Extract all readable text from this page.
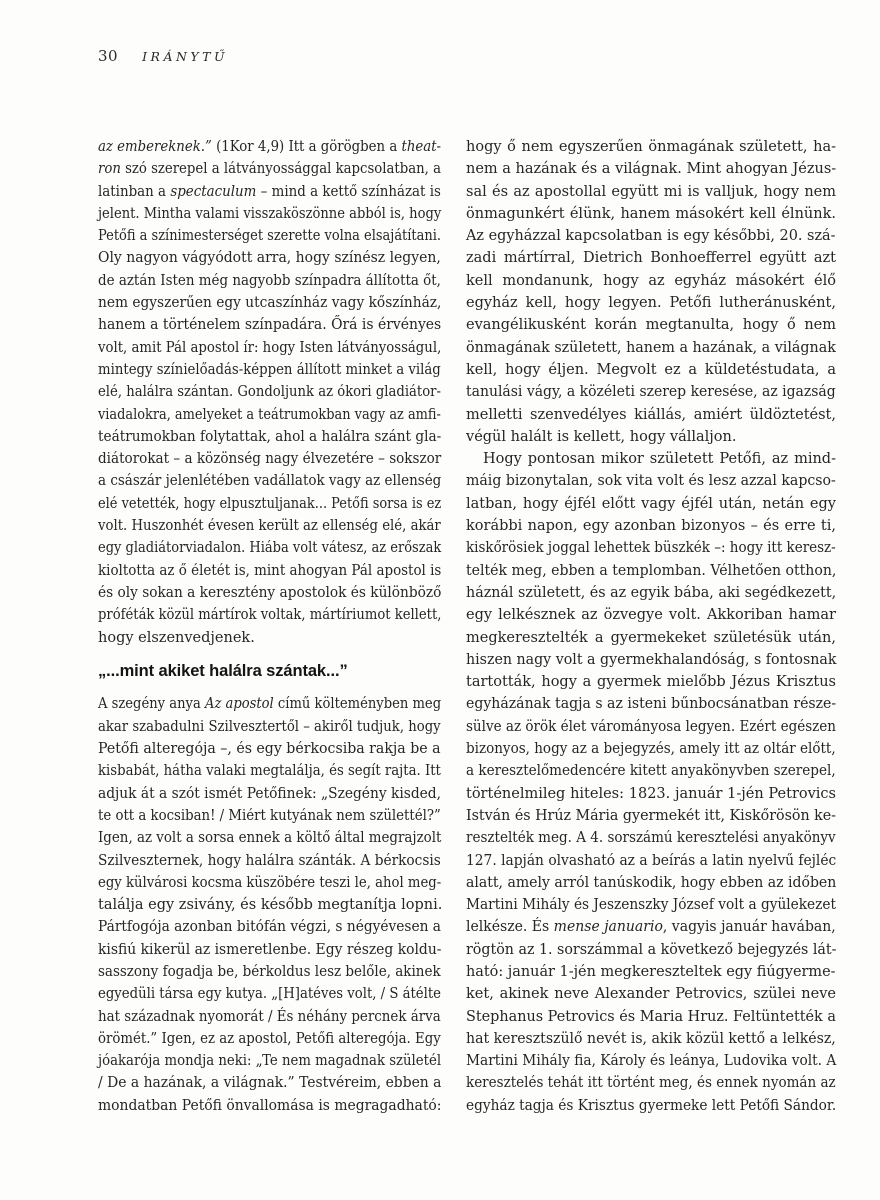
30 IRÁNYTŰ
az embereknek.” (1Kor 4,9) Itt a görögben a theat-
ron szó szerepel a látványossággal kapcsolatban, a
latinban a spectaculum – mind a kettő színházat is
jelent. Mintha valami visszaköszönne abból is, hogy
Petőfi a színimesterséget szerette volna elsajátítani.
Oly nagyon vágyódott arra, hogy színész legyen,
de aztán Isten még nagyobb színpadra állította őt,
nem egyszerűen egy utcaszínház vagy kőszínház,
hanem a történelem színpadára. Őrá is érvényes
volt, amit Pál apostol ír: hogy Isten látványosságul,
mintegy színielőadás-képpen állított minket a világ
elé, halálra szántan. Gondoljunk az ókori gladiátor-
viadalokra, amelyeket a teátrumokban vagy az amfi-
teátrumokban folytattak, ahol a halálra szánt gla-
diátorokat – a közönség nagy élvezetére – sokszor
a császár jelenlétében vadállatok vagy az ellenség
elé vetették, hogy elpusztuljanak... Petőfi sorsa is ez
volt. Huszonhét évesen került az ellenség elé, akár
egy gladiátorviadalon. Hiába volt vátesz, az erőszak
kioltotta az ő életét is, mint ahogyan Pál apostol is
és oly sokan a keresztény apostolok és különböző
próféták közül mártírok voltak, mártíriumot kellett,
hogy elszenvedjenek.
„...mint akiket halálra szántak...”
A szegény anya Az apostol című költeményben meg
akar szabadulni Szilvesztertől – akiről tudjuk, hogy
Petőfi alteregója –, és egy bérkocsiba rakja be a
kisbabát, hátha valaki megtalálja, és segít rajta. Itt
adjuk át a szót ismét Petőfinek: „Szegény kisded,
te ott a kocsiban! / Miért kutyának nem születtél?”
Igen, az volt a sorsa ennek a költő által megrajzolt
Szilveszternek, hogy halálra szánták. A bérkocsis
egy külvárosi kocsma küszöbére teszi le, ahol meg-
találja egy zsivány, és később megtanítja lopni.
Pártfogója azonban bitófán végzi, s négyévesen a
kisfiú kikerül az ismeretlenbe. Egy részeg koldu-
sasszony fogadja be, bérkoldus lesz belőle, akinek
egyedüli társa egy kutya. „[H]atéves volt, / S átélte
hat századnak nyomorát / És néhány percnek árva
örömét.” Igen, ez az apostol, Petőfi alteregója. Egy
jóakarója mondja neki: „Te nem magadnak születél
/ De a hazának, a világnak.” Testvéreim, ebben a
mondatban Petőfi önvallomása is megragadható:
hogy ő nem egyszerűen önmagának született, ha-
nem a hazának és a világnak. Mint ahogyan Jézus-
sal és az apostollal együtt mi is valljuk, hogy nem
önmagunkért élünk, hanem másokért kell élnünk.
Az egyházzal kapcsolatban is egy későbbi, 20. szá-
zadi mártírral, Dietrich Bonhoefferrel együtt azt
kell mondanunk, hogy az egyház másokért élő
egyház kell, hogy legyen. Petőfi lutheránusként,
evangélikusként korán megtanulta, hogy ő nem
önmagának született, hanem a hazának, a világnak
kell, hogy éljen. Megvolt ez a küldetéstudata, a
tanulási vágy, a közéleti szerep keresése, az igazság
melletti szenvedélyes kiállás, amiért üldöztetést,
végül halált is kellett, hogy vállaljon.
Hogy pontosan mikor született Petőfi, az mind-
máig bizonytalan, sok vita volt és lesz azzal kapcso-
latban, hogy éjfél előtt vagy éjfél után, netán egy
korábbi napon, egy azonban bizonyos – és erre ti,
kiskőrösiek joggal lehettek büszkék –: hogy itt keresz-
telték meg, ebben a templomban. Vélhetően otthon,
háznál született, és az egyik bába, aki segédkezett,
egy lelkésznek az özvegye volt. Akkoriban hamar
megkeresztelték a gyermekeket születésük után,
hiszen nagy volt a gyermekhalandóság, s fontosnak
tartották, hogy a gyermek mielőbb Jézus Krisztus
egyházának tagja s az isteni bűnbocsánatban része-
sülve az örök élet várományosa legyen. Ezért egészen
bizonyos, hogy az a bejegyzés, amely itt az oltár előtt,
a keresztelőmedencére kitett anyakönyvben szerepel,
történelmileg hiteles: 1823. január 1-jén Petrovics
István és Hrúz Mária gyermekét itt, Kiskőrösön ke-
resztelték meg. A 4. sorszámú keresztelési anyakönyv
127. lapján olvasható az a beírás a latin nyelvű fejléc
alatt, amely arról tanúskodik, hogy ebben az időben
Martini Mihály és Jeszenszky József volt a gyülekezet
lelkésze. És mense januario, vagyis január havában,
rögtön az 1. sorszámmal a következő bejegyzés lát-
ható: január 1-jén megkereszteltek egy fiúgyerme-
ket, akinek neve Alexander Petrovics, szülei neve
Stephanus Petrovics és Maria Hruz. Feltüntették a
hat keresztszülő nevét is, akik közül kettő a lelkész,
Martini Mihály fia, Károly és leánya, Ludovika volt. A
keresztelés tehát itt történt meg, és ennek nyomán az
egyház tagja és Krisztus gyermeke lett Petőfi Sándor.
